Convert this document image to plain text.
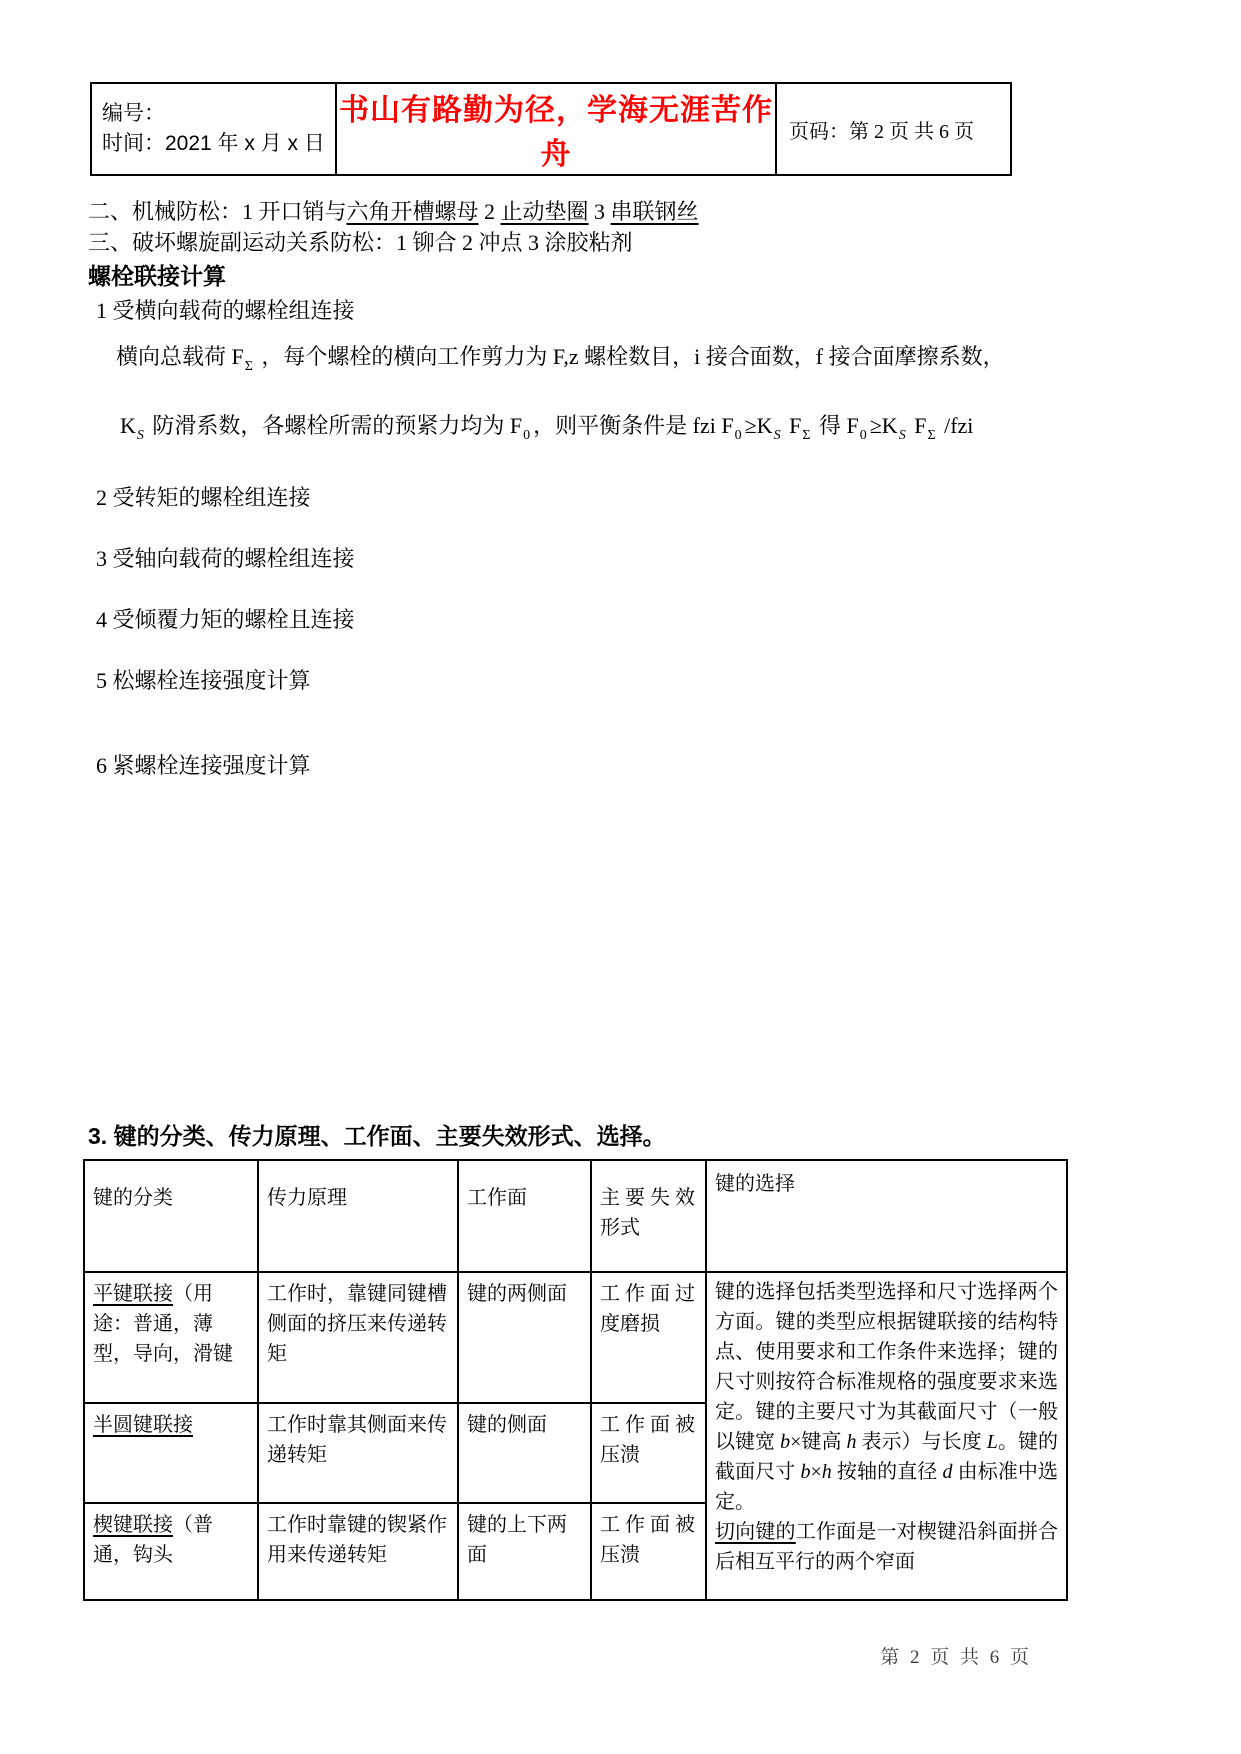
编号：
时间：2021 年 x 月 x 日
	书山有路勤为径，学海无涯苦作舟	页码：第 2 页 共 6 页
二、机械防松：1 开口销与六角开槽螺母 2 止动垫圈 3 串联钢丝
三、破坏螺旋副运动关系防松：1 铆合 2 冲点 3 涂胶粘剂
螺栓联接计算
1 受横向载荷的螺栓组连接
横向总载荷 $F_\Sigma$ ，每个螺栓的横向工作剪力为 F,z 螺栓数目，i 接合面数，f 接合面摩擦系数，
$K_S$ 防滑系数，各螺栓所需的预紧力均为 $F_0$ ，则平衡条件是 fzi $F_0 \ge K_S$ $F_\Sigma$ 得 $F_0 \ge K_S$ $F_\Sigma$ /fzi
2 受转矩的螺栓组连接
3 受轴向载荷的螺栓组连接
4 受倾覆力矩的螺栓且连接
5 松螺栓连接强度计算
6 紧螺栓连接强度计算
3. 键的分类、传力原理、工作面、主要失效形式、选择。
键的分类	传力原理	工作面	主 要 失 效
形式	键的选择
平键联接（用途：普通，薄型，导向，滑键	工作时，靠键同键槽侧面的挤压来传递转矩	键的两侧面	工 作 面 过
度磨损

键的选择包括类型选择和尺寸选择两个方面。键的类型应根据键联接的结构特点、使用要求和工作条件来选择；键的尺寸则按符合标准规格的强度要求来选定。键的主要尺寸为其截面尺寸（一般以键宽 b×键高 h 表示）与长度 L。键的截面尺寸 b×h 按轴的直径 d 由标准中选定。
切向键的工作面是一对楔键沿斜面拼合后相互平行的两个窄面

半圆键联接	工作时靠其侧面来传递转矩	键的侧面	工 作 面 被
压溃	

楔键联接（普通，钩头	工作时靠键的锲紧作用来传递转矩	键的上下两面	工 作 面 被
压溃	
第 2 页 共 6 页
